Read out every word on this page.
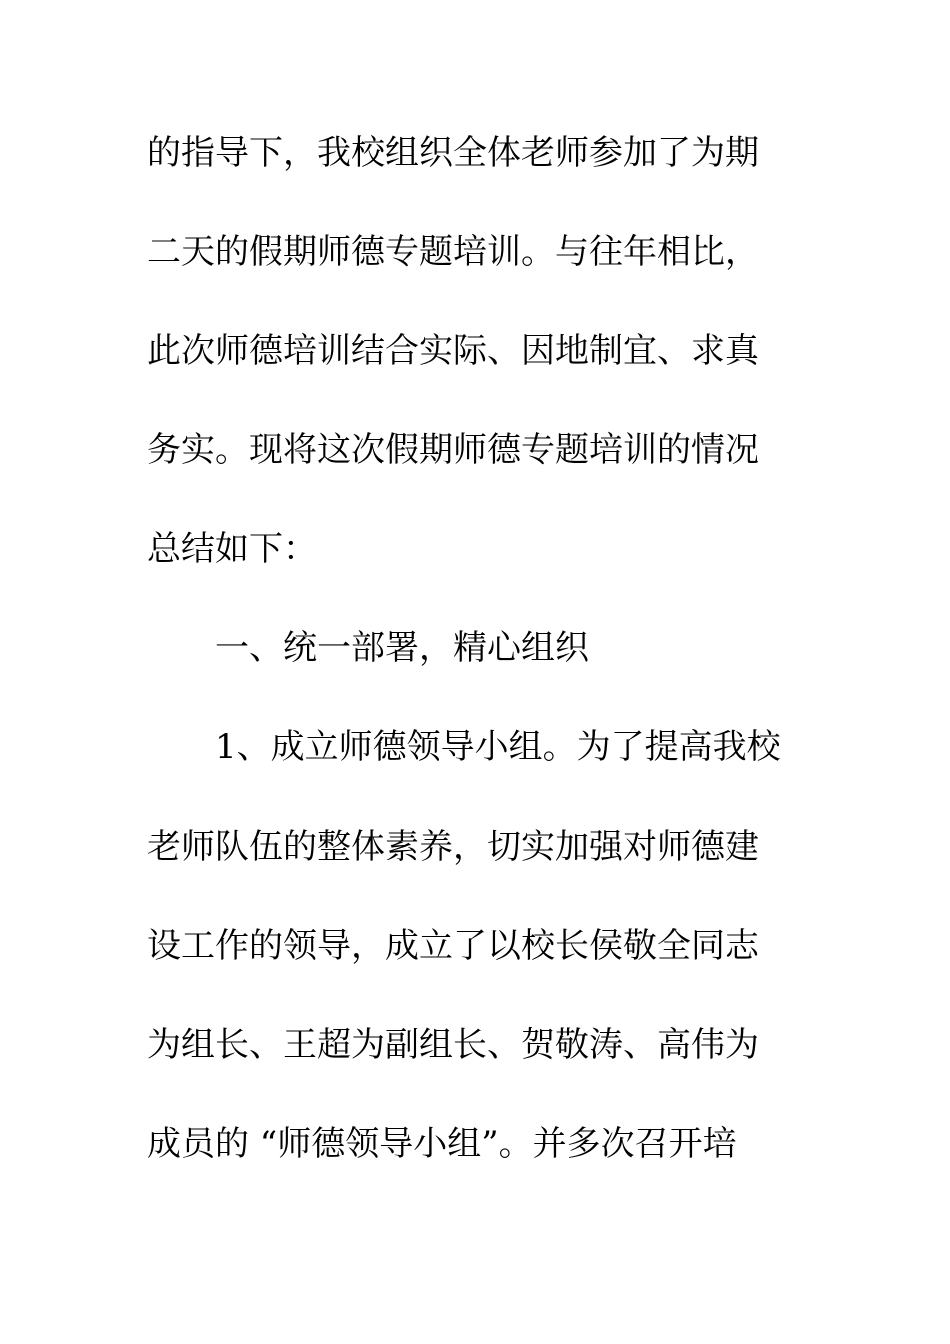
的指导下，我校组织全体老师参加了为期
二天的假期师德专题培训。与往年相比，
此次师德培训结合实际、因地制宜、求真
务实。现将这次假期师德专题培训的情况
总结如下：
一、统一部署，精心组织
1、成立师德领导小组。为了提高我校
老师队伍的整体素养，切实加强对师德建
设工作的领导，成立了以校长侯敬全同志
为组长、王超为副组长、贺敬涛、高伟为
成员的 “师德领导小组”。并多次召开培
